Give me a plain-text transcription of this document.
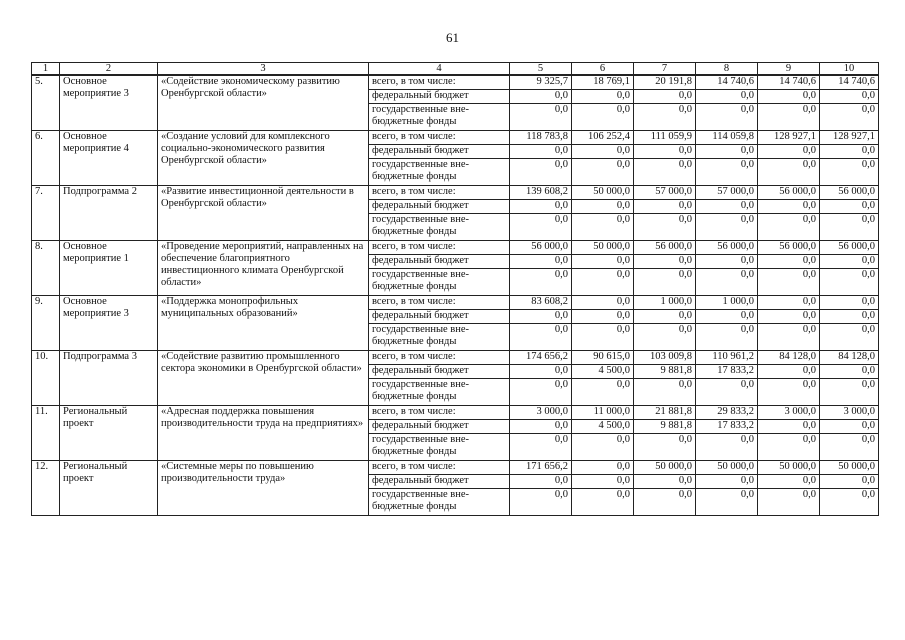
61
1	2	3	4	5	6	7	8	9	10
5.	Основное мероприятие 3	«Содействие экономическому развитию Оренбургской области»	всего, в том числе:	9 325,7	18 769,1	20 191,8	14 740,6	14 740,6	14 740,6
			федеральный бюджет	0,0	0,0	0,0	0,0	0,0	0,0
			государственные вне-бюджетные фонды	0,0	0,0	0,0	0,0	0,0	0,0
6.	Основное мероприятие 4	«Создание условий для комплексного социально-экономического развития Оренбургской области»	всего, в том числе:	118 783,8	106 252,4	111 059,9	114 059,8	128 927,1	128 927,1
			федеральный бюджет	0,0	0,0	0,0	0,0	0,0	0,0
			государственные вне-бюджетные фонды	0,0	0,0	0,0	0,0	0,0	0,0
7.	Подпрограмма 2	«Развитие инвестиционной деятельности в Оренбургской области»	всего, в том числе:	139 608,2	50 000,0	57 000,0	57 000,0	56 000,0	56 000,0
			федеральный бюджет	0,0	0,0	0,0	0,0	0,0	0,0
			государственные вне-бюджетные фонды	0,0	0,0	0,0	0,0	0,0	0,0
8.	Основное мероприятие 1	«Проведение мероприятий, направленных на обеспечение благоприятного инвестиционного климата Оренбургской области»	всего, в том числе:	56 000,0	50 000,0	56 000,0	56 000,0	56 000,0	56 000,0
			федеральный бюджет	0,0	0,0	0,0	0,0	0,0	0,0
			государственные вне-бюджетные фонды	0,0	0,0	0,0	0,0	0,0	0,0
9.	Основное мероприятие 3	«Поддержка монопрофильных муниципальных образований»	всего, в том числе:	83 608,2	0,0	1 000,0	1 000,0	0,0	0,0
			федеральный бюджет	0,0	0,0	0,0	0,0	0,0	0,0
			государственные вне-бюджетные фонды	0,0	0,0	0,0	0,0	0,0	0,0
10.	Подпрограмма 3	«Содействие развитию промышленного сектора экономики в Оренбургской области»	всего, в том числе:	174 656,2	90 615,0	103 009,8	110 961,2	84 128,0	84 128,0
			федеральный бюджет	0,0	4 500,0	9 881,8	17 833,2	0,0	0,0
			государственные вне-бюджетные фонды	0,0	0,0	0,0	0,0	0,0	0,0
11.	Региональный проект	«Адресная поддержка повышения производительности труда на предприятиях»	всего, в том числе:	3 000,0	11 000,0	21 881,8	29 833,2	3 000,0	3 000,0
			федеральный бюджет	0,0	4 500,0	9 881,8	17 833,2	0,0	0,0
			государственные вне-бюджетные фонды	0,0	0,0	0,0	0,0	0,0	0,0
12.	Региональный проект	«Системные меры по повышению производительности труда»	всего, в том числе:	171 656,2	0,0	50 000,0	50 000,0	50 000,0	50 000,0
			федеральный бюджет	0,0	0,0	0,0	0,0	0,0	0,0
			государственные вне-бюджетные фонды	0,0	0,0	0,0	0,0	0,0	0,0
